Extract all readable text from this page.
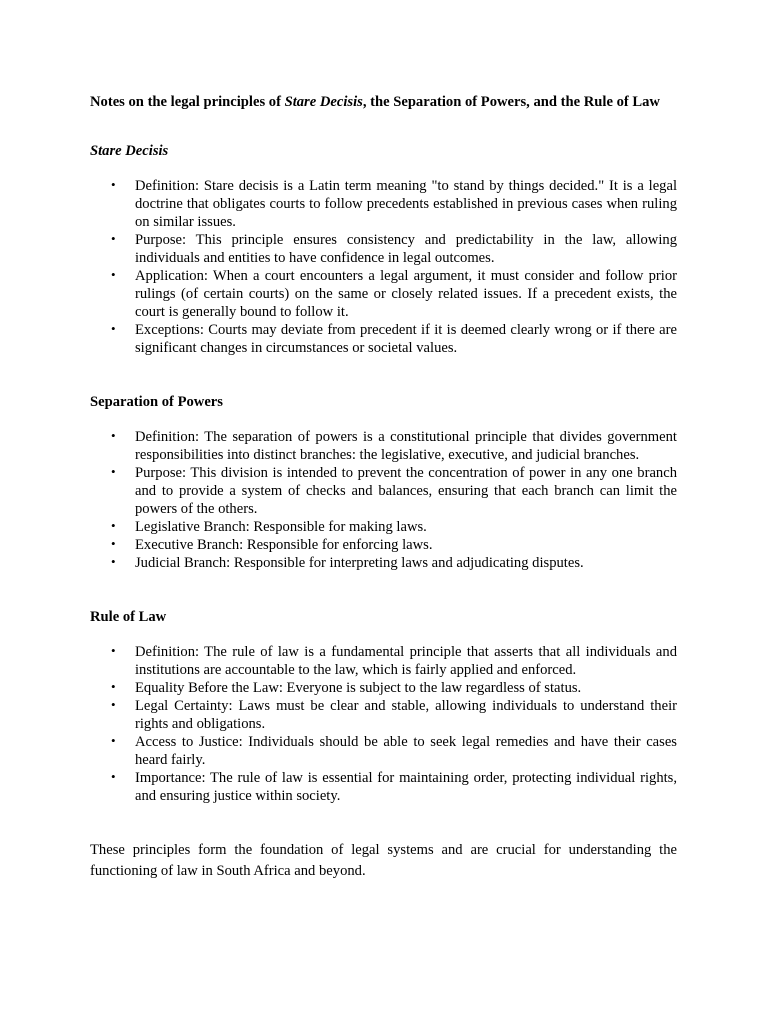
Notes on the legal principles of Stare Decisis, the Separation of Powers, and the Rule of Law

Stare Decisis

• Definition: Stare decisis is a Latin term meaning "to stand by things decided." It is a legal doctrine that obligates courts to follow precedents established in previous cases when ruling on similar issues.
• Purpose: This principle ensures consistency and predictability in the law, allowing individuals and entities to have confidence in legal outcomes.
• Application: When a court encounters a legal argument, it must consider and follow prior rulings (of certain courts) on the same or closely related issues. If a precedent exists, the court is generally bound to follow it.
• Exceptions: Courts may deviate from precedent if it is deemed clearly wrong or if there are significant changes in circumstances or societal values.

Separation of Powers

• Definition: The separation of powers is a constitutional principle that divides government responsibilities into distinct branches: the legislative, executive, and judicial branches.
• Purpose: This division is intended to prevent the concentration of power in any one branch and to provide a system of checks and balances, ensuring that each branch can limit the powers of the others.
• Legislative Branch: Responsible for making laws.
• Executive Branch: Responsible for enforcing laws.
• Judicial Branch: Responsible for interpreting laws and adjudicating disputes.

Rule of Law

• Definition: The rule of law is a fundamental principle that asserts that all individuals and institutions are accountable to the law, which is fairly applied and enforced.
• Equality Before the Law: Everyone is subject to the law regardless of status.
• Legal Certainty: Laws must be clear and stable, allowing individuals to understand their rights and obligations.
• Access to Justice: Individuals should be able to seek legal remedies and have their cases heard fairly.
• Importance: The rule of law is essential for maintaining order, protecting individual rights, and ensuring justice within society.

These principles form the foundation of legal systems and are crucial for understanding the functioning of law in South Africa and beyond.
